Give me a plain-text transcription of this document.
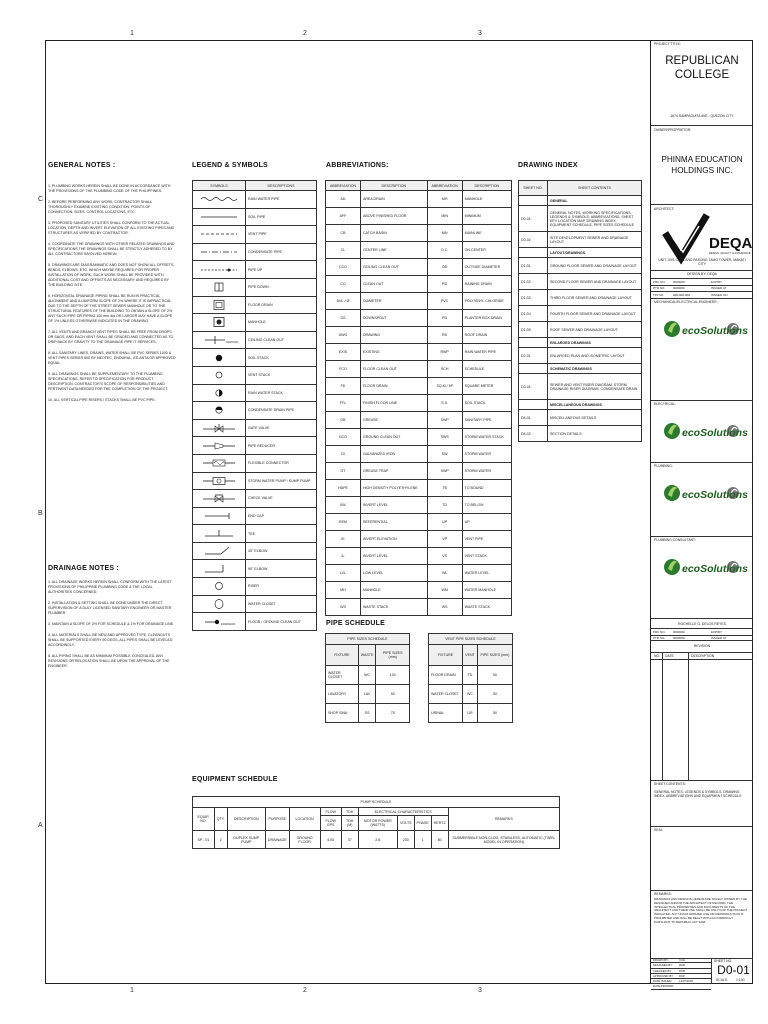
1	2	3
1	2	3
C
B
A
GENERAL NOTES :

1. PLUMBING WORKS HEREIN SHALL BE DONE IN ACCORDANCE WITH THE PROVISIONS OF THE PLUMBING CODE OF THE PHILIPPINES.

2. BEFORE PERFORMING ANY WORK, CONTRACTOR SHALL THOROUGHLY EXAMINE EXISTING CONDITION, POINTS OF CONNECTION, SIZES, CONTROL LOCATIONS, ETC.

3. PROPOSED SANITARY UTILITIES SHALL CONFORM TO THE ACTUAL LOCATION, DEPTH AND INVERT ELEVATION OF ALL EXISTING PIPES AND STRUCTURES AS VERIFIED BY CONTRACTOR.

4. COORDINATE THE DRAWINGS WITH OTHER RELATED DRAWINGS AND SPECIFICATIONS THE DRAWINGS SHALL BE STRICTLY ADHERED TO BY ALL CONTRACTORS INVOLVED HEREIN.

5. DRAWINGS ARE DIAGRAMMATIC AND DOES NOT SHOW ALL OFFSETS, BENDS, ELBOWS, ETC. WHICH MAYBE REQUIRED FOR PROPER INSTALLATION OF WORK. SUCH WORK SHALL BE PROVIDED WITH ADDITIONAL COST AND OFFSETS AS NECESSARY AND REQUIRED BY THE BUILDING SITE.

6. HORIZONTAL DRAINAGE PIPING SHALL BE RUN IN PRACTICAL ALIGNMENT AND A UNIFORM SLOPE OF 2% WHERE IT IS IMPRACTICAL DUE TO THE DEPTH OF THE STREET SEWER MANHOLE OR TO THE STRUCTURAL FEATURES OF THE BUILDING TO OBTAIN A SLOPE OF 2% ANY SUCH PIPE OR PIPING 100 mm dia OR LARGER MAY HAVE A SLOPE OF 1% UNLESS OTHERWISE INDICATED IN THE DRAWING.

7. ALL VENTS AND BRANCH VENT PIPES SHALL BE FREE FROM DROPS OR SAGS, AND EACH VENT SHALL BE GRADED AND CONNECTED AS TO DRIP BACK BY GRAVITY TO THE DRAINAGE PIPE IT SERVICES.

8. ALL SANITARY LINES, DRAINS, WATER SHALL BE PVC SERIES 1000 & VENT PIPES SERIES 600 BY NEOTEC, ENDURAL, ATLANTA OR APPROVED EQUAL.

9. ALL DRAWINGS SHALL BE SUPPLEMENTARY TO THE PLUMBING SPECIFICATIONS, REFER TO SPECIFICATION FOR PRODUCT DESCRIPTION, CONTRACTOR'S SCOPE OF RESPONSIBILITIES AND PERTINENT DATA NEEDED FOR THE COMPLETION OF THE PROJECT.

10. ALL VERTICAL PIPE RISERS / STACKS SHALL BE PVC PIPE.

DRAINAGE NOTES :

1. ALL DRAINAGE WORKS HEREIN SHALL CONFORM WITH THE LATEST PROVISIONS OF PHILIPPINE PLUMBING CODE & THE LOCAL AUTHORITIES CONCERNED.

2. INSTALLATION & SETTING SHALL BE DONE UNDER THE DIRECT SUPERVISION OF A DULY LICENSED SANITARY ENGINEER OR MASTER PLUMBER.

3. MAINTAIN A SLOPE OF 2% FOR SCHEDULE & 1% FOR DRAINAGE LINE.

4. ALL MATERIALS SHALL BE NEW AND APPROVED TYPE. CLEANOUTS SHALL BE SUPPORTED EVERY 90 DEGS. ALL PIPES SHALL BE LEVELED ACCORDINGLY.

5. ALL PIPING SHALL BE AS MINIMUM POSSIBLE CONCEALED. ANY REVISIONS OR RELOCATION SHALL BE UPON THE APPROVAL OF THE ENGINEER.

LEGEND & SYMBOLS
SYMBOLS	DESCRIPTIONS

	RAIN WATER PIPE

	SOIL PIPE

	VENT PIPE

	CONDENSATE PIPE

	PIPE UP

	PIPE DOWN

	FLOOR DRAIN

	MANHOLE

CO/CCO	CEILING CLEAN OUT

	SOIL STACK

	VENT STACK

	RAIN WATER STACK

	CONDENSATE DRAIN PIPE

	GATE VALVE

	PIPE REDUCER

	FLEXIBLE CONNECTOR

	STORM WATER PUMP / SUMP PUMP

	CHECK VALVE

	END CAP

	TEE

	45° ELBOW

	90° ELBOW

	RISER

	WATER CLOSET

FCO/GCO	FLOOR / GROUND CLEAN OUT
ABBREVIATIONS:
ABBREVIATION	DESCRIPTION	ABBREVIATION	DESCRIPTION
AD	AREA DRAIN	MH	MANHOLE
AFF	ABOVE FINISHED FLOOR	MIN	MINIMUM
CB	CATCH BASIN	MN	MAINLINE
CL	CENTER LINE	O.C.	ON CENTER
CCO	CEILING CLEAN OUT	OD	OUTSIDE DIAMETER
CO	CLEAN OUT	RD	RAINING DRAIN
DIA. / Ø	DIAMETER	PVC	POLYVINYL CHLORIDE
DS	DOWNSPOUT	PD	PLANTER BOX DRAIN
DWG	DRAWING	RD	ROOF DRAIN
EXIS	EXISTING	RWP	RAIN WATER PIPE
FCO	FLOOR CLEAN OUT	SCH	SCHEDULE
FD	FLOOR DRAIN	SQ.M / M²	SQUARE METER
FFL	FINISH FLOOR LINE	S.S.	SOIL STACK
GB	GREASE	SWP	SANITARY PIPE
GCO	GROUND CLEAN OUT	SWS	STORM WATER STACK
GI	GALVANIZED IRON	SW	STORM WATER
GT	GREASE TRAP	SWP	STORM WATER
HDPE	HIGH DENSITY POLYETHYLENE	TB	TO BOUND
INV	INVERT LEVEL	TD	TO BELOW
REM	REFERENTIAL	UP	UP
IE	INVERT ELEVATION	VP	VENT PIPE
IL	INVERT LEVEL	VS	VENT STACK
LVL	LOW LEVEL	WL	WATER LEVEL
MH	MANHOLE	WM	WATER MANHOLE
WS	WASTE STACK	WS	WASTE STACK
PIPE SCHEDULE
PIPE SIZES SCHEDULE		
FIXTURE	WASTE	PIPE SIZES (mm)
WATER CLOSET	WC	100
LAVATORY	LAV	50
SHOP SINK	SS	75
VENT PIPE SIZES SCHEDULE		
FIXTURE	VENT	PIPE SIZES (mm)
FLOOR DRAIN	FD	50
WATER CLOSET	WC	50
URINAL	UR	50
DRAWING INDEX
SHEET NO.	SHEET CONTENTS
	GENERAL
D0-01	GENERAL NOTES, WORKING SPECIFICATIONS, LEGENDS & SYMBOLS, ABBREVIATIONS, SHEET KEY LOCATION MAP, DRAWING INDEX, EQUIPMENT SCHEDULE, PIPE SIZES SCHEDULE
D0-02	SITE DEVELOPMENT SEWER AND DRAINAGE LAYOUT
	LAYOUT/DRAWINGS
D1-01	GROUND FLOOR SEWER AND DRAINAGE LAYOUT
D1-02	SECOND FLOOR SEWER AND DRAINAGE LAYOUT
D1-03	THIRD FLOOR SEWER AND DRAINAGE LAYOUT
D1-04	FOURTH FLOOR SEWER AND DRAINAGE LAYOUT
D1-05	ROOF SEWER AND DRAINAGE LAYOUT
	ENLARGED DRAWINGS
D2-01	ENLARGED PLAN AND ISOMETRIC LAYOUT
	SCHEMATIC DRAWINGS
D3-01	SEWER AND VENT RISER DIAGRAM, STORM DRAINAGE RISER DIAGRAM, CONDENSATE DRAIN
	MISCELLANEOUS DRAWINGS
D4-01	MISCELLANEOUS DETAILS
D4-02	SECTION DETAILS
EQUIPMENT SCHEDULE
PUMP SCHEDULE											
EQUIP. NO.	QTY.	DESCRIPTION	PURPOSE	LOCATION	FLOW	TDH	ELECTRICAL CHARACTERISTICS				REMARKS
					FLOW GPS	TDH (M)	MOTOR POWER (WATTS)	VOLTS	PHASE	HERTZ	
SP - 01	2	DUPLEX SUMP PUMP	DRAINAGE	GROUND FLOOR	4.05	37	2.8	230	1	60	SUBMERSIBLE NON-CLOG, STAINLESS, AUTOMATIC (TWIN-MODEL IN OPERATION)
PROJECT TITLE:
REPUBLICAN COLLEGE
1674 SAMPAGUITA AVE., QUEZON CITY
OWNER/PROPRIETOR:
PHINMA EDUCATION HOLDINGS INC.
ARCHITECT:
DEQA
DESIGN, QUALITY & ASSURANCE
UNIT 1001 CITYLAND PASONG TAMO TOWER, MAKATI CITY
DESIGN BY: DEQA
PRC NO. 0000000	EXPIRY
PTR NO.	0000000	ISSUED AT
TIN NO.	000-000-000	ISSUED ON
MECHANICAL/ELECTRICAL ENGINEER:
ecoSolutions
ELECTRICAL:
ecoSolutions
PLUMBING:
ecoSolutions
PLUMBING CONSULTANT:
ecoSolutions
ROCHELLE G. DELOS REYES
PRC NO. 0000000	EXPIRY
PTR NO.	0000000	ISSUED AT
REVISION
NO. DATE	DESCRIPTION
SHEET CONTENTS:
GENERAL NOTES, LEGENDS & SYMBOLS, DRAWING INDEX, ABBREVIATIONS AND EQUIPMENT SCHEDULE
SEAL
REMARKS:
DRAWINGS AND DESIGNS HEREIN ARE SOLELY OWNED BY THE DESIGNER AND/OR THE ARCHITECT OF RECORD. THE INTELLECTUAL PROPERTIES AND DOCUMENTS OF THE ARCHITECT AND THEIR USE SHALL BE ONLY FOR THE PROJECT INDICATED. ANY UNAUTHORIZED USE OR REPRODUCTION IS PROHIBITED AND WILL BE DEALT WITH ACCORDINGLY PURSUANT TO REPUBLIC ACT 9266.
DRAWN BY:	CCH
DESIGNED BY: RCB
CHECKED BY:	RCB
APPROVED BY: DKP
DATE ISSUED: 14/07/2020
DATE PRINTED:
SHEET NO.
D0-01
SCALE: 1:100
